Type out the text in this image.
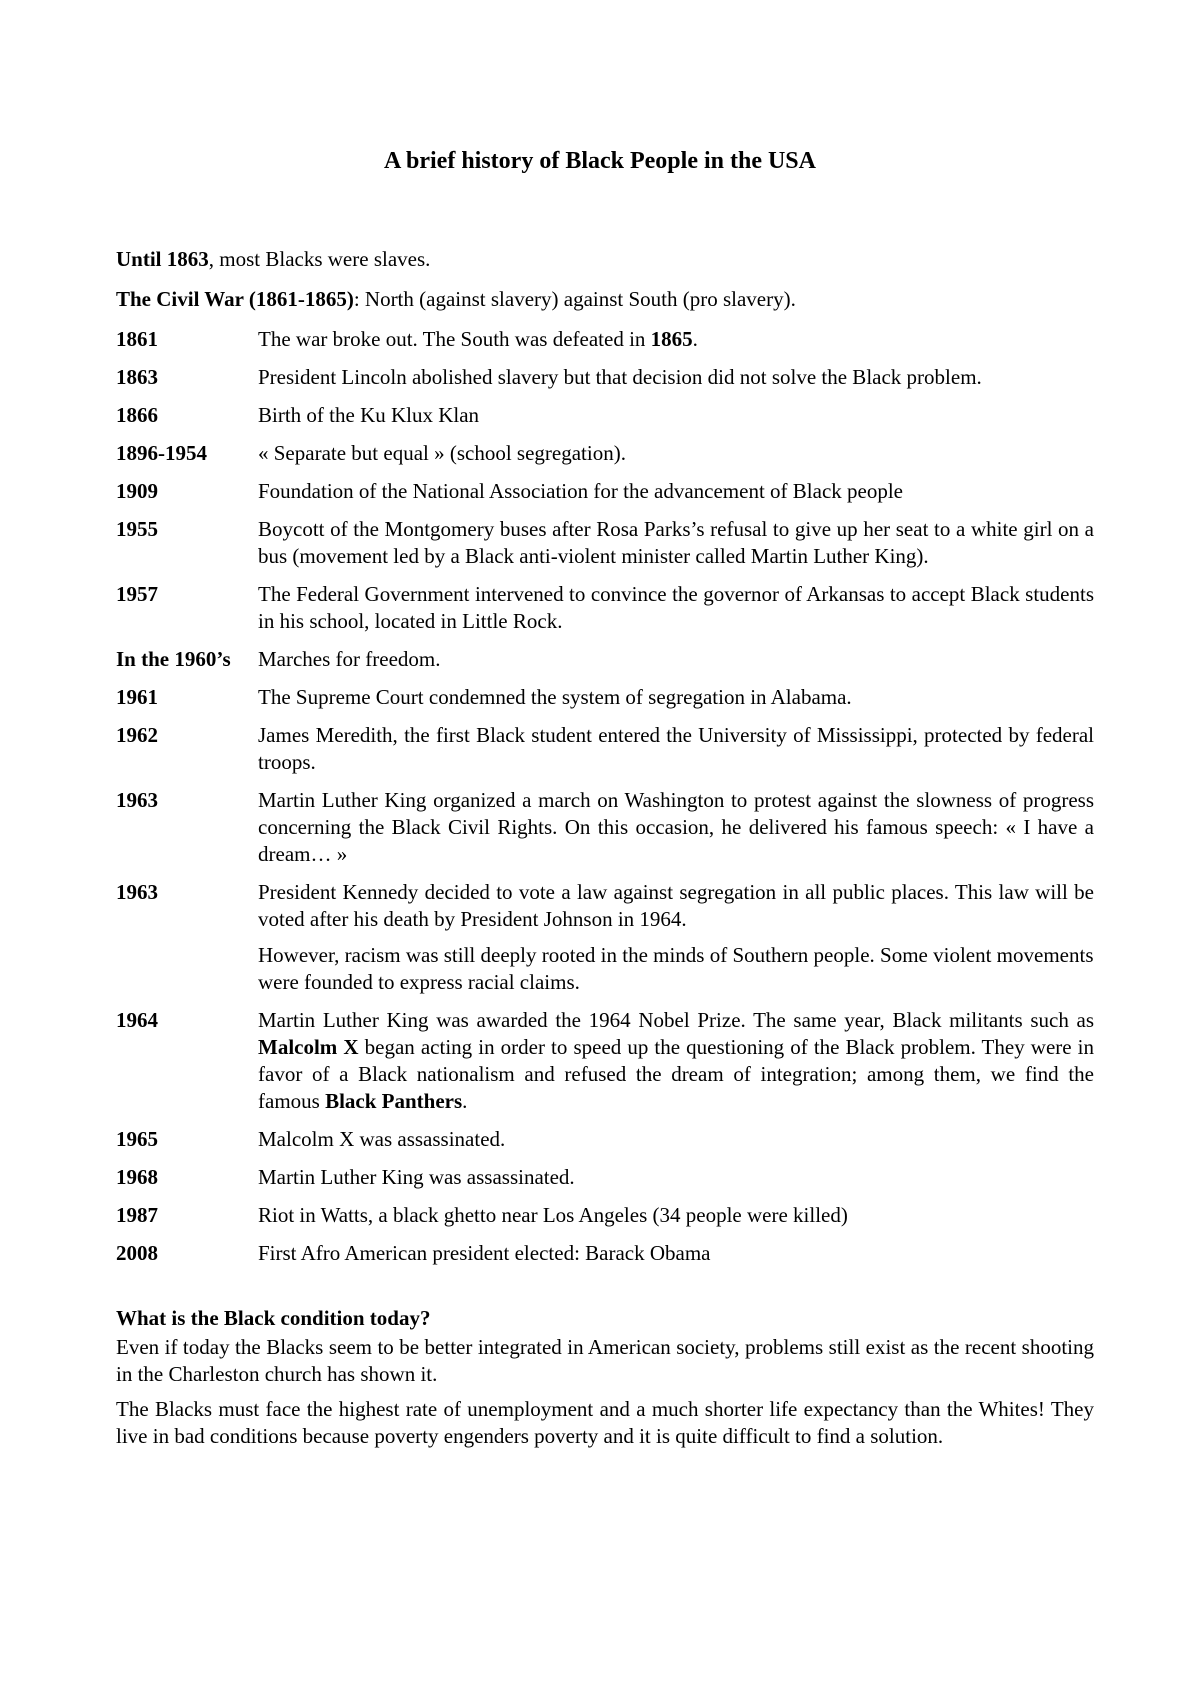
A brief history of Black People in the USA
Until 1863, most Blacks were slaves.
The Civil War (1861-1865): North (against slavery) against South (pro slavery).
1861	The war broke out. The South was defeated in 1865.
1863	President Lincoln abolished slavery but that decision did not solve the Black problem.
1866	Birth of the Ku Klux Klan
1896-1954	« Separate but equal » (school segregation).
1909	Foundation of the National Association for the advancement of Black people
1955	Boycott of the Montgomery buses after Rosa Parks’s refusal to give up her seat to a white girl on a bus (movement led by a Black anti-violent minister called Martin Luther King).
1957	The Federal Government intervened to convince the governor of Arkansas to accept Black students in his school, located in Little Rock.
In the 1960’s	Marches for freedom.
1961	The Supreme Court condemned the system of segregation in Alabama.
1962	James Meredith, the first Black student entered the University of Mississippi, protected by federal troops.
1963	Martin Luther King organized a march on Washington to protest against the slowness of progress concerning the Black Civil Rights. On this occasion, he delivered his famous speech: « I have a dream… »
1963	President Kennedy decided to vote a law against segregation in all public places. This law will be voted after his death by President Johnson in 1964.
However, racism was still deeply rooted in the minds of Southern people. Some violent movements were founded to express racial claims.
1964	Martin Luther King was awarded the 1964 Nobel Prize. The same year, Black militants such as Malcolm X began acting in order to speed up the questioning of the Black problem. They were in favor of a Black nationalism and refused the dream of integration; among them, we find the famous Black Panthers.
1965	Malcolm X was assassinated.
1968	Martin Luther King was assassinated.
1987	Riot in Watts, a black ghetto near Los Angeles (34 people were killed)
2008	First Afro American president elected: Barack Obama
What is the Black condition today?
Even if today the Blacks seem to be better integrated in American society, problems still exist as the recent shooting in the Charleston church has shown it.
The Blacks must face the highest rate of unemployment and a much shorter life expectancy than the Whites! They live in bad conditions because poverty engenders poverty and it is quite difficult to find a solution.
